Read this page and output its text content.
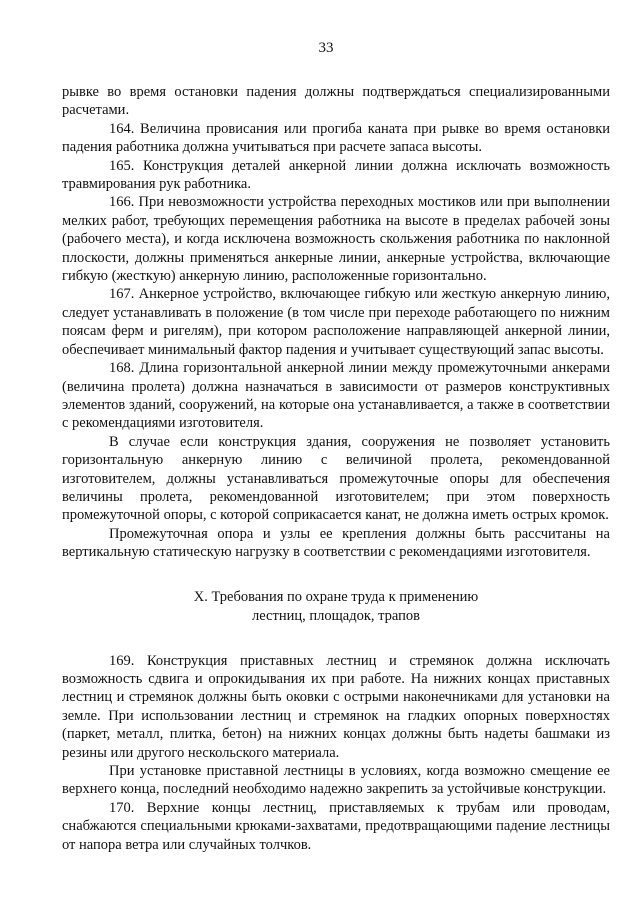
33

рывке во время остановки падения должны подтверждаться специализированными расчетами.

164. Величина провисания или прогиба каната при рывке во время остановки падения работника должна учитываться при расчете запаса высоты.

165. Конструкция деталей анкерной линии должна исключать возможность травмирования рук работника.

166. При невозможности устройства переходных мостиков или при выполнении мелких работ, требующих перемещения работника на высоте в пределах рабочей зоны (рабочего места), и когда исключена возможность скольжения работника по наклонной плоскости, должны применяться анкерные линии, анкерные устройства, включающие гибкую (жесткую) анкерную линию, расположенные горизонтально.

167. Анкерное устройство, включающее гибкую или жесткую анкерную линию, следует устанавливать в положение (в том числе при переходе работающего по нижним поясам ферм и ригелям), при котором расположение направляющей анкерной линии, обеспечивает минимальный фактор падения и учитывает существующий запас высоты.

168. Длина горизонтальной анкерной линии между промежуточными анкерами (величина пролета) должна назначаться в зависимости от размеров конструктивных элементов зданий, сооружений, на которые она устанавливается, а также в соответствии с рекомендациями изготовителя.

В случае если конструкция здания, сооружения не позволяет установить горизонтальную анкерную линию с величиной пролета, рекомендованной изготовителем, должны устанавливаться промежуточные опоры для обеспечения величины пролета, рекомендованной изготовителем; при этом поверхность промежуточной опоры, с которой соприкасается канат, не должна иметь острых кромок.

Промежуточная опора и узлы ее крепления должны быть рассчитаны на вертикальную статическую нагрузку в соответствии с рекомендациями изготовителя.

X. Требования по охране труда к применению
лестниц, площадок, трапов

169. Конструкция приставных лестниц и стремянок должна исключать возможность сдвига и опрокидывания их при работе. На нижних концах приставных лестниц и стремянок должны быть оковки с острыми наконечниками для установки на земле. При использовании лестниц и стремянок на гладких опорных поверхностях (паркет, металл, плитка, бетон) на нижних концах должны быть надеты башмаки из резины или другого нескольского материала.

При установке приставной лестницы в условиях, когда возможно смещение ее верхнего конца, последний необходимо надежно закрепить за устойчивые конструкции.

170. Верхние концы лестниц, приставляемых к трубам или проводам, снабжаются специальными крюками-захватами, предотвращающими падение лестницы от напора ветра или случайных толчков.
